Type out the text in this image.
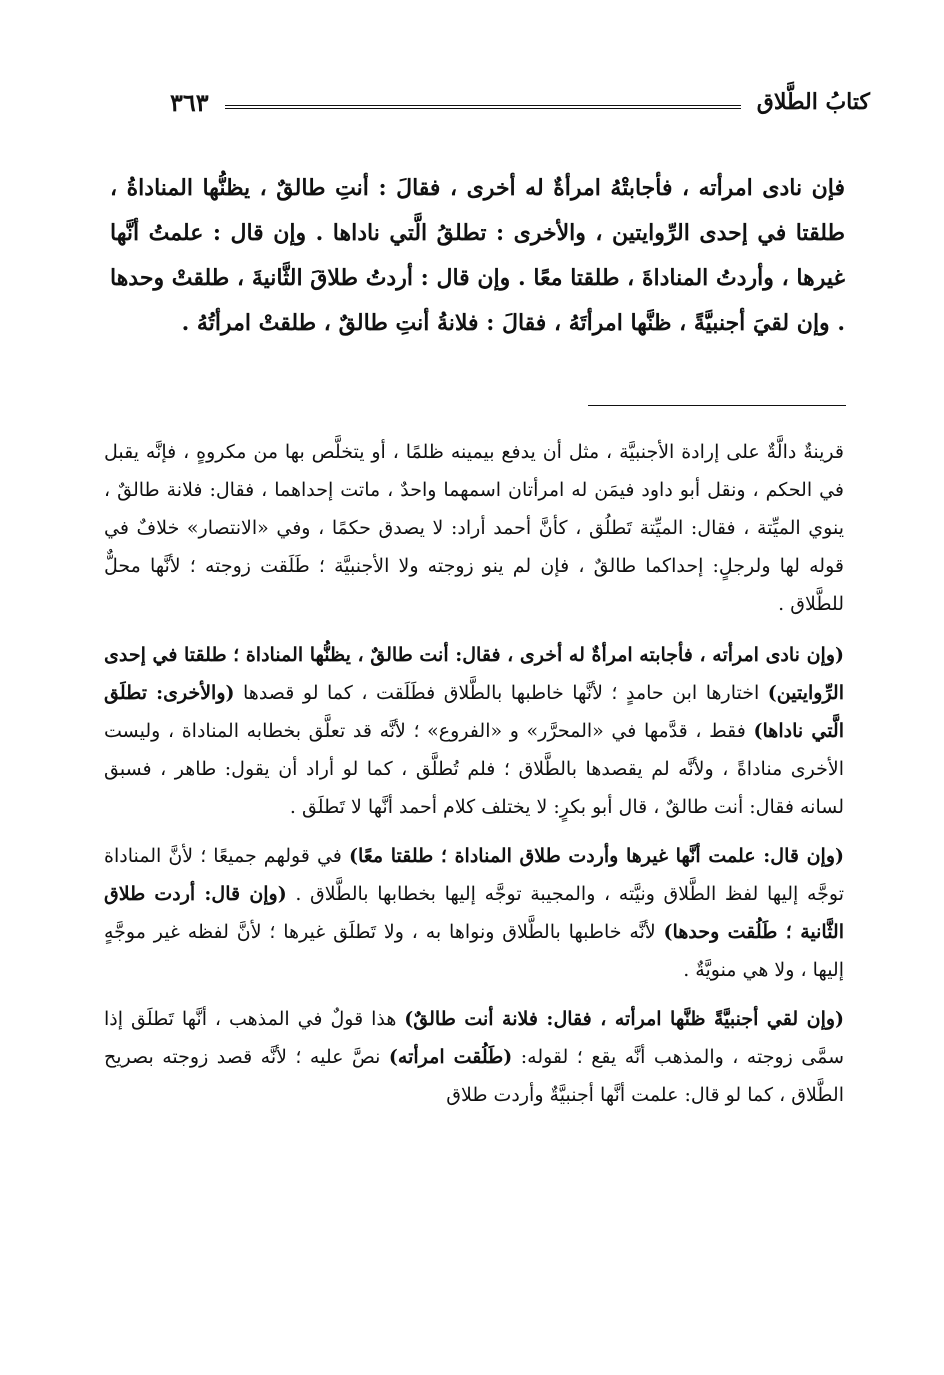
كتابُ الطَّلاق
٣٦٣

فإن نادى امرأته ، فأجابتْهُ امرأةٌ له أخرى ، فقالَ : أنتِ طالقٌ ، يظنُّها المناداةُ ، طلقتا في إحدى الرِّوايتين ، والأخرى : تطلقُ الَّتي ناداها . وإن قال : علمتُ أنَّها غيرها ، وأردتُ المناداةَ ، طلقتا معًا . وإن قال : أردتُ طلاقَ الثَّانيةَ ، طلقتْ وحدها . وإن لقيَ أجنبيَّةً ، ظنَّها امرأتَهُ ، فقالَ : فلانةُ أنتِ طالقٌ ، طلقتْ امرأتُهُ .

قرينةٌ دالَّةٌ على إرادة الأجنبيَّة ، مثل أن يدفع بيمينه ظلمًا ، أو يتخلَّص بها من مكروهٍ ، فإنَّه يقبل في الحكم ، ونقل أبو داود فيمَن له امرأتان اسمهما واحدٌ ، ماتت إحداهما ، فقال: فلانة طالقٌ ، ينوي الميِّتة ، فقال: الميِّتة تَطلُق ، كأنَّ أحمد أراد: لا يصدق حكمًا ، وفي «الانتصار» خلافٌ في قوله لها ولرجلٍ: إحداكما طالقٌ ، فإن لم ينو زوجته ولا الأجنبيَّة ؛ طَلَقت زوجته ؛ لأنَّها محلٌّ للطَّلاق .

(وإن نادى امرأته ، فأجابته امرأةٌ له أخرى ، فقال: أنت طالقٌ ، يظنُّها المناداة ؛ طلقتا في إحدى الرِّوايتين) اختارها ابن حامدٍ ؛ لأنَّها خاطبها بالطَّلاق فطَلَقت ، كما لو قصدها (والأخرى: تطلَق الَّتي ناداها) فقط ، قدَّمها في «المحرَّر» و «الفروع» ؛ لأنَّه قد تعلَّق بخطابه المناداة ، وليست الأخرى مناداةً ، ولأنَّه لم يقصدها بالطَّلاق ؛ فلم تُطلَّق ، كما لو أراد أن يقول: طاهر ، فسبق لسانه فقال: أنت طالقٌ ، قال أبو بكرٍ: لا يختلف كلام أحمد أنَّها لا تَطلَق .

(وإن قال: علمت أنَّها غيرها وأردت طلاق المناداة ؛ طلقتا معًا) في قولهم جميعًا ؛ لأنَّ المناداة توجَّه إليها لفظ الطَّلاق ونيَّته ، والمجيبة توجَّه إليها بخطابها بالطَّلاق . (وإن قال: أردت طلاق الثَّانية ؛ طَلُقت وحدها) لأنَّه خاطبها بالطَّلاق ونواها به ، ولا تَطلَق غيرها ؛ لأنَّ لفظه غير موجَّهٍ إليها ، ولا هي منويَّةٌ .

(وإن لقي أجنبيَّةً ظنَّها امرأته ، فقال: فلانة أنت طالقٌ) هذا قولٌ في المذهب ، أنَّها تَطلَق إذا سمَّى زوجته ، والمذهب أنَّه يقع ؛ لقوله: (طَلُقت امرأته) نصَّ عليه ؛ لأنَّه قصد زوجته بصريح الطَّلاق ، كما لو قال: علمت أنَّها أجنبيَّةٌ وأردت طلاق
